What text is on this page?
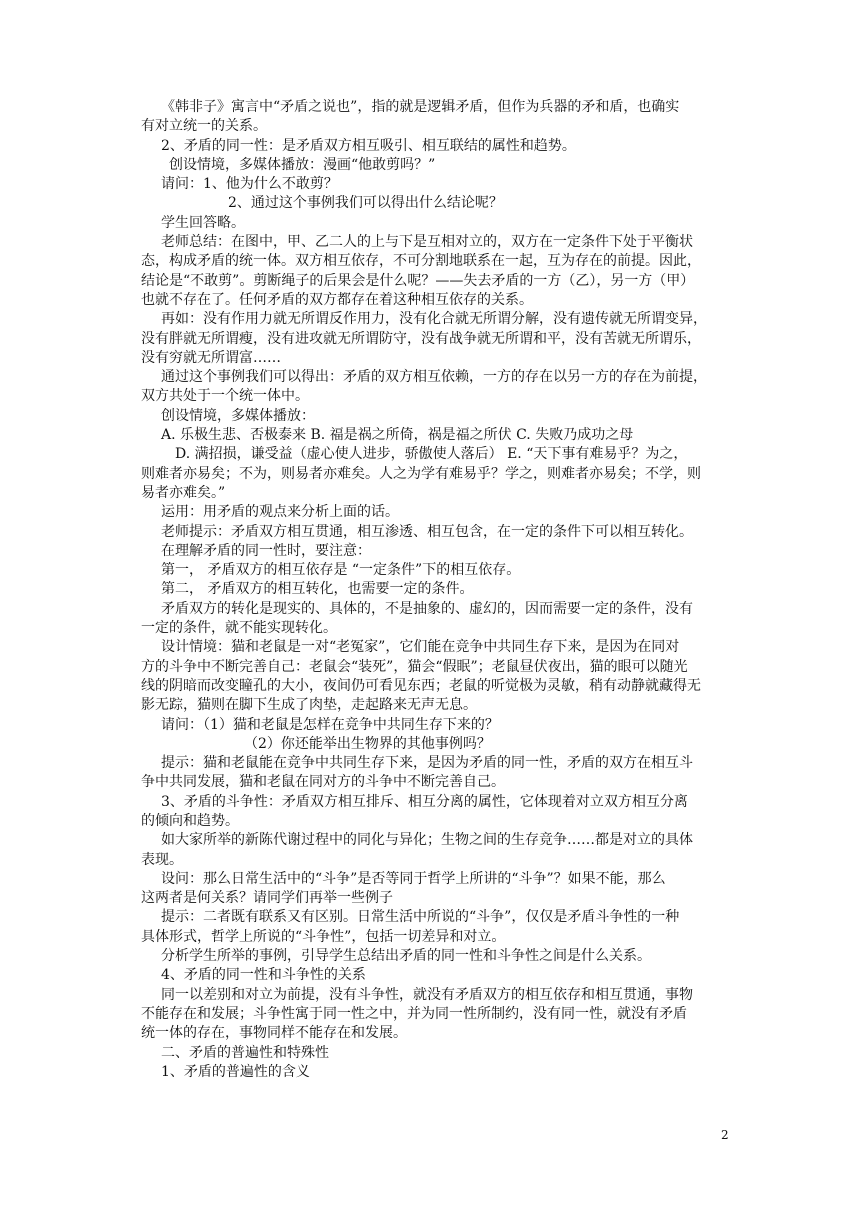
《韩非子》寓言中“矛盾之说也”，指的就是逻辑矛盾，但作为兵器的矛和盾，也确实
有对立统一的关系。
2、矛盾的同一性：是矛盾双方相互吸引、相互联结的属性和趋势。
创设情境，多媒体播放：漫画“他敢剪吗？”
请问：1、他为什么不敢剪？
2、通过这个事例我们可以得出什么结论呢？
学生回答略。
老师总结：在图中，甲、乙二人的上与下是互相对立的，双方在一定条件下处于平衡状
态，构成矛盾的统一体。双方相互依存，不可分割地联系在一起，互为存在的前提。因此，
结论是“不敢剪”。剪断绳子的后果会是什么呢？——失去矛盾的一方（乙），另一方（甲）
也就不存在了。任何矛盾的双方都存在着这种相互依存的关系。
再如：没有作用力就无所谓反作用力，没有化合就无所谓分解，没有遗传就无所谓变异，
没有胖就无所谓瘦，没有进攻就无所谓防守，没有战争就无所谓和平，没有苦就无所谓乐，
没有穷就无所谓富……
通过这个事例我们可以得出：矛盾的双方相互依赖，一方的存在以另一方的存在为前提，
双方共处于一个统一体中。
创设情境，多媒体播放：
A. 乐极生悲、否极泰来 B. 福是祸之所倚，祸是福之所伏 C. 失败乃成功之母
D. 满招损，谦受益（虚心使人进步，骄傲使人落后） E. “天下事有难易乎？为之，
则难者亦易矣；不为，则易者亦难矣。人之为学有难易乎？学之，则难者亦易矣；不学，则
易者亦难矣。”
运用：用矛盾的观点来分析上面的话。
老师提示：矛盾双方相互贯通，相互渗透、相互包含，在一定的条件下可以相互转化。
在理解矛盾的同一性时，要注意：
第一， 矛盾双方的相互依存是 “一定条件”下的相互依存。
第二， 矛盾双方的相互转化，也需要一定的条件。
矛盾双方的转化是现实的、具体的，不是抽象的、虚幻的，因而需要一定的条件，没有
一定的条件，就不能实现转化。
设计情境：猫和老鼠是一对“老冤家”，它们能在竞争中共同生存下来，是因为在同对
方的斗争中不断完善自己：老鼠会“装死”，猫会“假眠”；老鼠昼伏夜出，猫的眼可以随光
线的阴暗而改变瞳孔的大小，夜间仍可看见东西；老鼠的听觉极为灵敏，稍有动静就藏得无
影无踪，猫则在脚下生成了肉垫，走起路来无声无息。
请问：（1）猫和老鼠是怎样在竞争中共同生存下来的？
（2）你还能举出生物界的其他事例吗？
提示：猫和老鼠能在竞争中共同生存下来，是因为矛盾的同一性，矛盾的双方在相互斗
争中共同发展，猫和老鼠在同对方的斗争中不断完善自己。
3、矛盾的斗争性：矛盾双方相互排斥、相互分离的属性，它体现着对立双方相互分离
的倾向和趋势。
如大家所举的新陈代谢过程中的同化与异化；生物之间的生存竞争……都是对立的具体
表现。
设问：那么日常生活中的“斗争”是否等同于哲学上所讲的“斗争”？如果不能，那么
这两者是何关系？请同学们再举一些例子
提示：二者既有联系又有区别。日常生活中所说的“斗争”，仅仅是矛盾斗争性的一种
具体形式，哲学上所说的“斗争性”，包括一切差异和对立。
分析学生所举的事例，引导学生总结出矛盾的同一性和斗争性之间是什么关系。
4、矛盾的同一性和斗争性的关系
同一以差别和对立为前提，没有斗争性，就没有矛盾双方的相互依存和相互贯通，事物
不能存在和发展；斗争性寓于同一性之中，并为同一性所制约，没有同一性，就没有矛盾
统一体的存在，事物同样不能存在和发展。
二、矛盾的普遍性和特殊性
1、矛盾的普遍性的含义
2
